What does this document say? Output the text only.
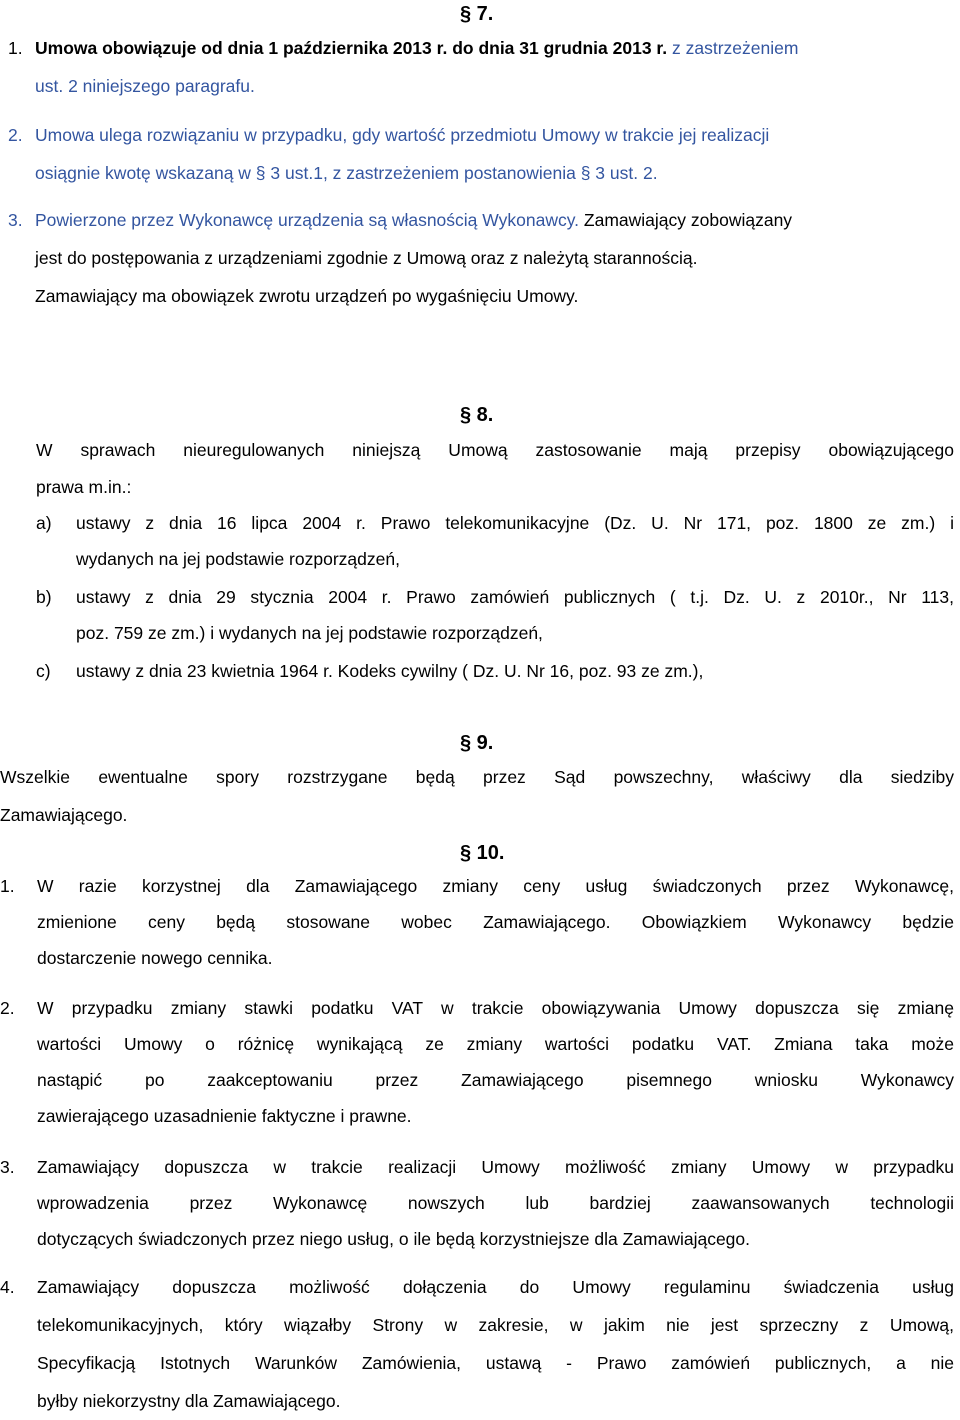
§ 7.
1. Umowa obowiązuje od dnia 1 października 2013 r. do dnia 31 grudnia 2013 r. z zastrzeżeniem
ust. 2 niniejszego paragrafu.
2. Umowa ulega rozwiązaniu w przypadku, gdy wartość przedmiotu Umowy w trakcie jej realizacji
osiągnie kwotę wskazaną w § 3 ust.1, z zastrzeżeniem postanowienia § 3 ust. 2.
3. Powierzone przez Wykonawcę urządzenia są własnością Wykonawcy. Zamawiający zobowiązany
jest do postępowania z urządzeniami zgodnie z Umową oraz z należytą starannością.
Zamawiający ma obowiązek zwrotu urządzeń po wygaśnięciu Umowy.
§ 8.
W sprawach nieuregulowanych niniejszą Umową zastosowanie mają przepisy obowiązującego
prawa m.in.:
a) ustawy z dnia 16 lipca 2004 r. Prawo telekomunikacyjne (Dz. U. Nr 171, poz. 1800 ze zm.) i
wydanych na jej podstawie rozporządzeń,
b) ustawy z dnia 29 stycznia 2004 r. Prawo zamówień publicznych ( t.j. Dz. U. z 2010r., Nr 113,
poz. 759 ze zm.) i wydanych na jej podstawie rozporządzeń,
c) ustawy z dnia 23 kwietnia 1964 r. Kodeks cywilny ( Dz. U. Nr 16, poz. 93 ze zm.),
§ 9.
Wszelkie ewentualne spory rozstrzygane będą przez Sąd powszechny, właściwy dla siedziby
Zamawiającego.
§ 10.
1. W razie korzystnej dla Zamawiającego zmiany ceny usług świadczonych przez Wykonawcę,
zmienione ceny będą stosowane wobec Zamawiającego. Obowiązkiem Wykonawcy będzie
dostarczenie nowego cennika.
2. W przypadku zmiany stawki podatku VAT w trakcie obowiązywania Umowy dopuszcza się zmianę
wartości Umowy o różnicę wynikającą ze zmiany wartości podatku VAT. Zmiana taka może
nastąpić po zaakceptowaniu przez Zamawiającego pisemnego wniosku Wykonawcy
zawierającego uzasadnienie faktyczne i prawne.
3. Zamawiający dopuszcza w trakcie realizacji Umowy możliwość zmiany Umowy w przypadku
wprowadzenia przez Wykonawcę nowszych lub bardziej zaawansowanych technologii
dotyczących świadczonych przez niego usług, o ile będą korzystniejsze dla Zamawiającego.
4. Zamawiający dopuszcza możliwość dołączenia do Umowy regulaminu świadczenia usług
telekomunikacyjnych, który wiązałby Strony w zakresie, w jakim nie jest sprzeczny z Umową,
Specyfikacją Istotnych Warunków Zamówienia, ustawą - Prawo zamówień publicznych, a nie
byłby niekorzystny dla Zamawiającego.
